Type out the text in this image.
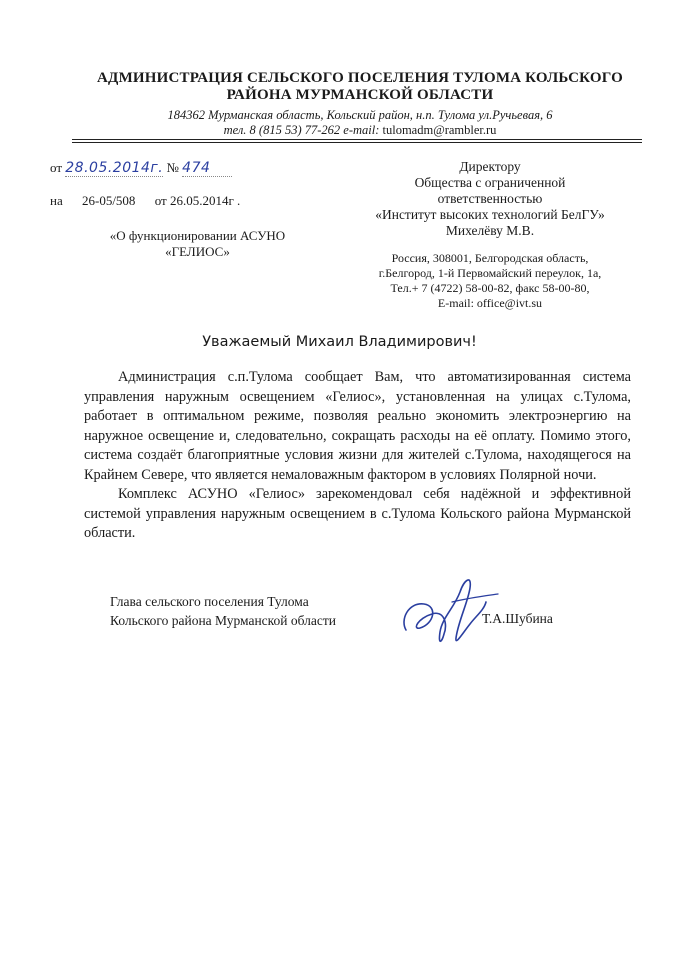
АДМИНИСТРАЦИЯ СЕЛЬСКОГО ПОСЕЛЕНИЯ ТУЛОМА КОЛЬСКОГО
РАЙОНА МУРМАНСКОЙ ОБЛАСТИ
184362 Мурманская область, Кольский район, н.п. Тулома ул.Ручьевая, 6
тел. 8 (815 53) 77-262 e-mail: tulomadm@rambler.ru
от 28.05.2014г. № 474
на 26-05/508 от 26.05.2014г .
«О функционировании АСУНО
«ГЕЛИОС»
Директору
Общества с ограниченной
ответственностью
«Институт высоких технологий БелГУ»
Михелёву М.В.
Россия, 308001, Белгородская область,
г.Белгород, 1-й Первомайский переулок, 1а,
Тел.+ 7 (4722) 58-00-82, факс 58-00-80,
E-mail: office@ivt.su
Уважаемый Михаил Владимирович!

Администрация с.п.Тулома сообщает Вам, что автоматизированная система управления наружным освещением «Гелиос», установленная на улицах с.Тулома, работает в оптимальном режиме, позволяя реально экономить электроэнергию на наружное освещение и, следовательно, сокращать расходы на её оплату. Помимо этого, система создаёт благоприятные условия жизни для жителей с.Тулома, находящегося на Крайнем Севере, что является немаловажным фактором в условиях Полярной ночи.

Комплекс АСУНО «Гелиос» зарекомендовал себя надёжной и эффективной системой управления наружным освещением в с.Тулома Кольского района Мурманской области.

Глава сельского поселения Тулома
Кольского района Мурманской области	Т.А.Шубина
